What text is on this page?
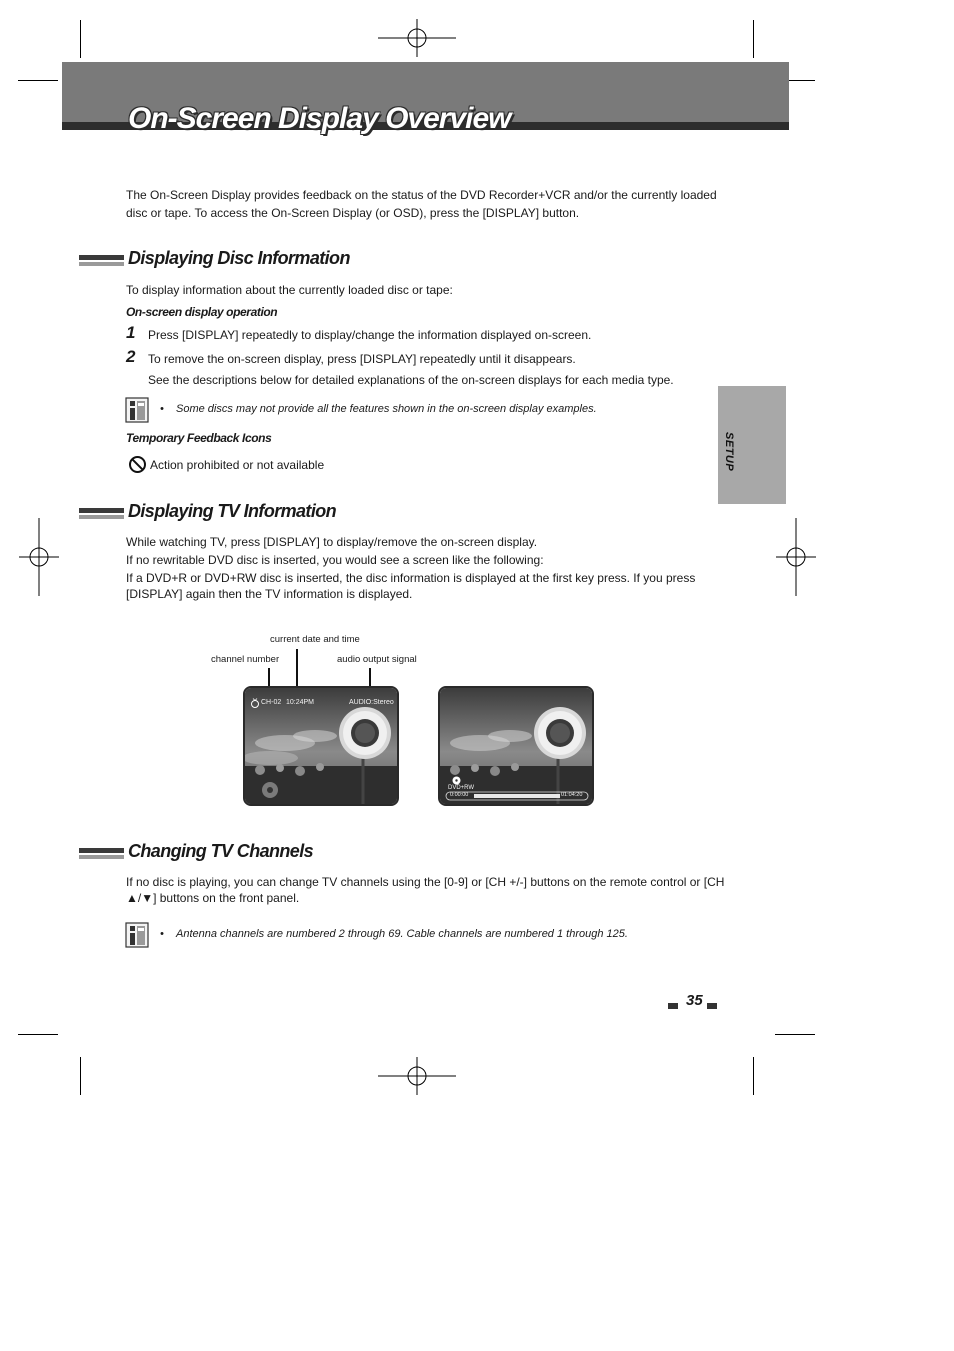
On-Screen Display Overview
The On-Screen Display provides feedback on the status of the DVD Recorder+VCR and/or the currently loaded
disc or tape. To access the On-Screen Display (or OSD), press the [DISPLAY] button.
SETUP
Displaying Disc Information
To display information about the currently loaded disc or tape:
On-screen display operation
1 Press [DISPLAY] repeatedly to display/change the information displayed on-screen.
2 To remove the on-screen display, press [DISPLAY] repeatedly until it disappears.
See the descriptions below for detailed explanations of the on-screen displays for each media type.
• Some discs may not provide all the features shown in the on-screen display examples.
Temporary Feedback Icons
Action prohibited or not available
Displaying TV Information
While watching TV, press [DISPLAY] to display/remove the on-screen display.
If no rewritable DVD disc is inserted, you would see a screen like the following:
If a DVD+R or DVD+RW disc is inserted, the disc information is displayed at the first key press. If you press
[DISPLAY] again then the TV information is displayed.
current date and time
channel number	audio output signal
CH-02 10:24PM	AUDIO:Stereo
DVD+RW
0:00:00	01:04:20
Changing TV Channels
If no disc is playing, you can change TV channels using the [0-9] or [CH +/-] buttons on the remote control or [CH
▲/▼] buttons on the front panel.
• Antenna channels are numbered 2 through 69. Cable channels are numbered 1 through 125.
35
